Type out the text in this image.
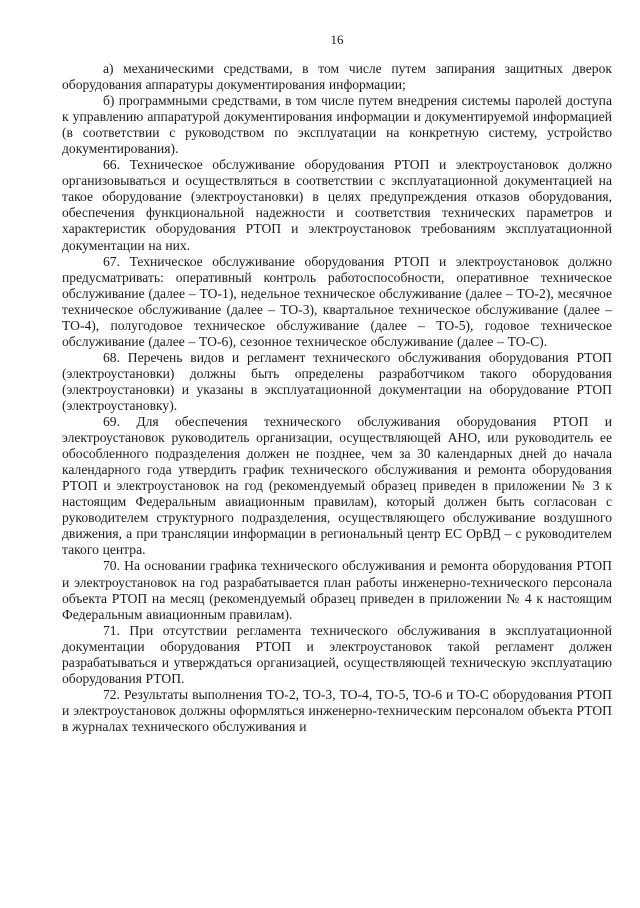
16

а) механическими средствами, в том числе путем запирания защитных дверок оборудования аппаратуры документирования информации;

б) программными средствами, в том числе путем внедрения системы паролей доступа к управлению аппаратурой документирования информации и документируемой информацией (в соответствии с руководством по эксплуатации на конкретную систему, устройство документирования).

66. Техническое обслуживание оборудования РТОП и электроустановок должно организовываться и осуществляться в соответствии с эксплуатационной документацией на такое оборудование (электроустановки) в целях предупреждения отказов оборудования, обеспечения функциональной надежности и соответствия технических параметров и характеристик оборудования РТОП и электроустановок требованиям эксплуатационной документации на них.

67. Техническое обслуживание оборудования РТОП и электроустановок должно предусматривать: оперативный контроль работоспособности, оперативное техническое обслуживание (далее – ТО-1), недельное техническое обслуживание (далее – ТО-2), месячное техническое обслуживание (далее – ТО-3), квартальное техническое обслуживание (далее – ТО-4), полугодовое техническое обслуживание (далее – ТО-5), годовое техническое обслуживание (далее – ТО-6), сезонное техническое обслуживание (далее – ТО-С).

68. Перечень видов и регламент технического обслуживания оборудования РТОП (электроустановки) должны быть определены разработчиком такого оборудования (электроустановки) и указаны в эксплуатационной документации на оборудование РТОП (электроустановку).

69. Для обеспечения технического обслуживания оборудования РТОП и электроустановок руководитель организации, осуществляющей АНО, или руководитель ее обособленного подразделения должен не позднее, чем за 30 календарных дней до начала календарного года утвердить график технического обслуживания и ремонта оборудования РТОП и электроустановок на год (рекомендуемый образец приведен в приложении № 3 к настоящим Федеральным авиационным правилам), который должен быть согласован с руководителем структурного подразделения, осуществляющего обслуживание воздушного движения, а при трансляции информации в региональный центр ЕС ОрВД – с руководителем такого центра.

70. На основании графика технического обслуживания и ремонта оборудования РТОП и электроустановок на год разрабатывается план работы инженерно-технического персонала объекта РТОП на месяц (рекомендуемый образец приведен в приложении № 4 к настоящим Федеральным авиационным правилам).

71. При отсутствии регламента технического обслуживания в эксплуатационной документации оборудования РТОП и электроустановок такой регламент должен разрабатываться и утверждаться организацией, осуществляющей техническую эксплуатацию оборудования РТОП.

72. Результаты выполнения ТО-2, ТО-3, ТО-4, ТО-5, ТО-6 и ТО-С оборудования РТОП и электроустановок должны оформляться инженерно-техническим персоналом объекта РТОП в журналах технического обслуживания и
